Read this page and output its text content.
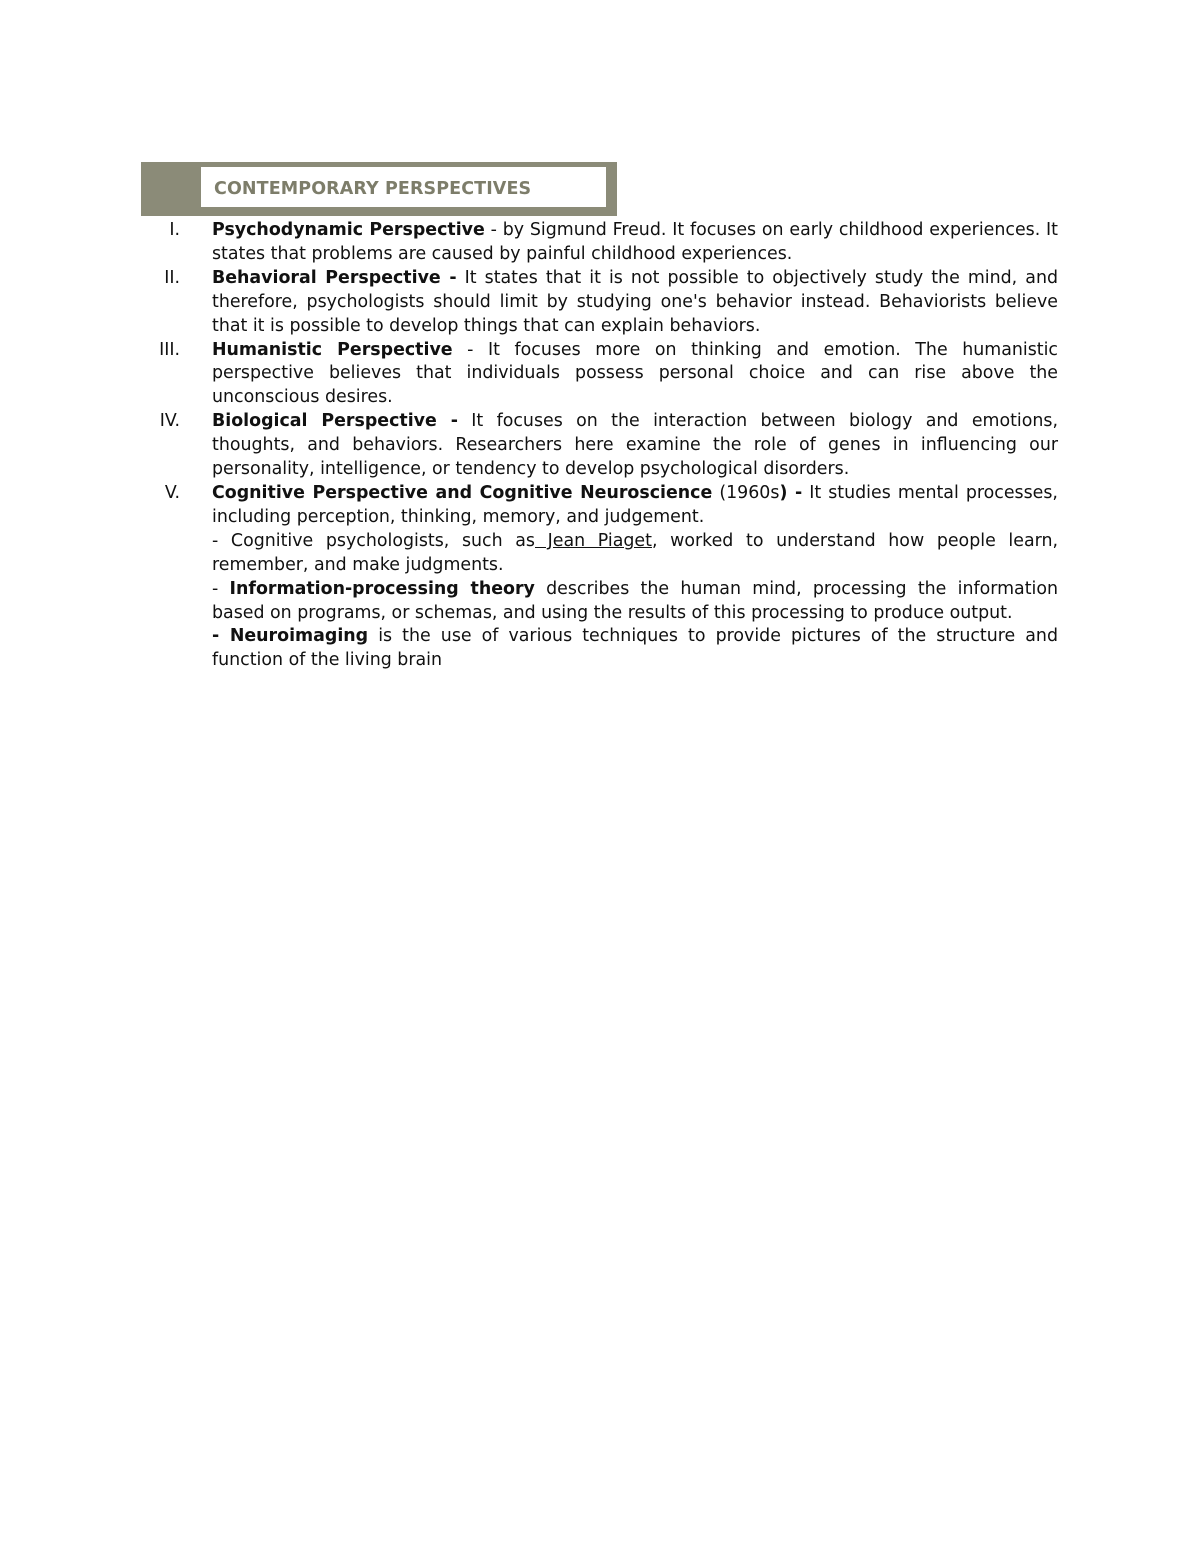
CONTEMPORARY PERSPECTIVES
I. Psychodynamic Perspective - by Sigmund Freud. It focuses on early childhood experiences. It states that problems are caused by painful childhood experiences.
II. Behavioral Perspective - It states that it is not possible to objectively study the mind, and therefore, psychologists should limit by studying one's behavior instead. Behaviorists believe that it is possible to develop things that can explain behaviors.
III. Humanistic Perspective - It focuses more on thinking and emotion. The humanistic perspective believes that individuals possess personal choice and can rise above the unconscious desires.
IV. Biological Perspective - It focuses on the interaction between biology and emotions, thoughts, and behaviors. Researchers here examine the role of genes in influencing our personality, intelligence, or tendency to develop psychological disorders.
V. Cognitive Perspective and Cognitive Neuroscience (1960s) - It studies mental processes, including perception, thinking, memory, and judgement.
- Cognitive psychologists, such as Jean Piaget, worked to understand how people learn, remember, and make judgments.
- Information-processing theory describes the human mind, processing the information based on programs, or schemas, and using the results of this processing to produce output.
- Neuroimaging is the use of various techniques to provide pictures of the structure and function of the living brain
